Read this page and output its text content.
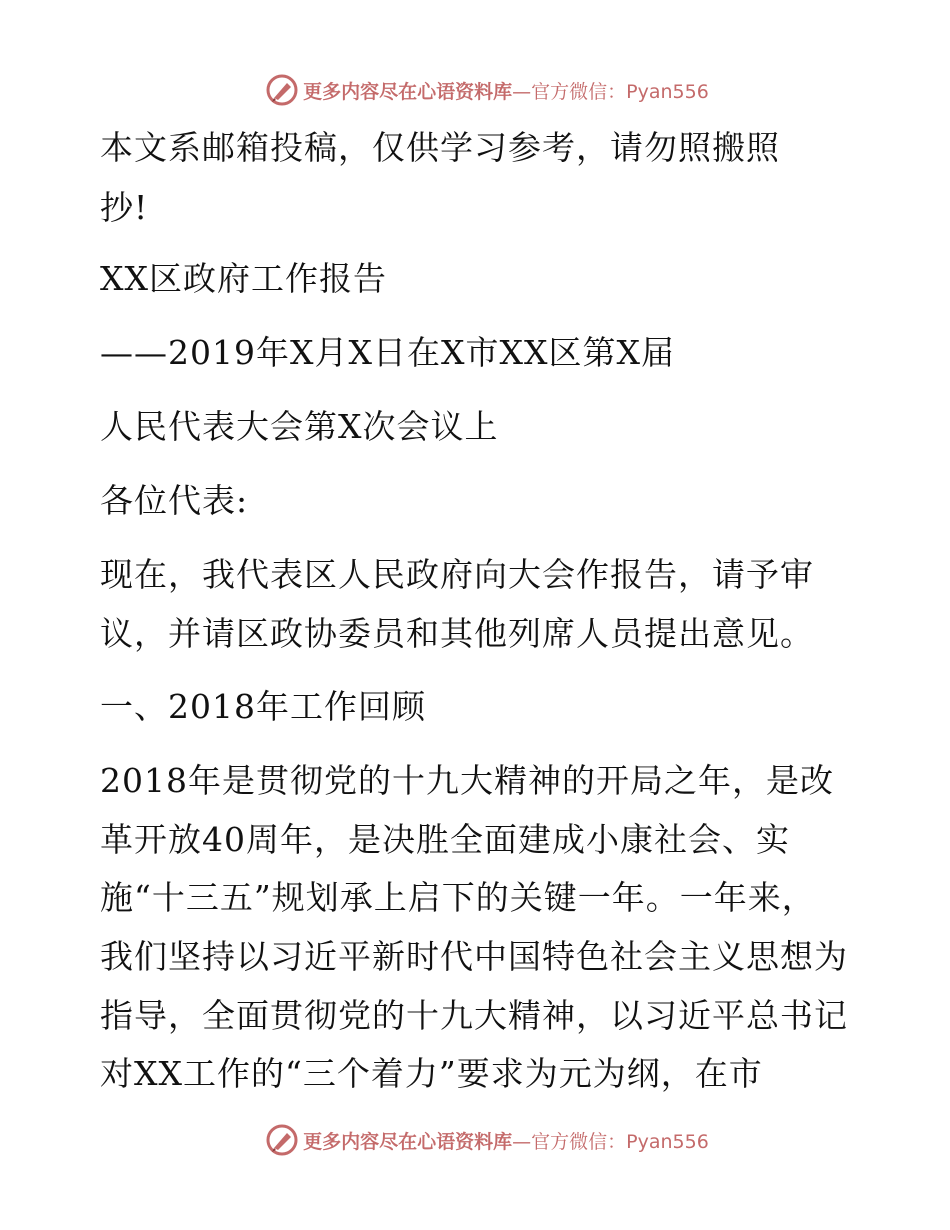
更多内容尽在心语资料库 —官方微信：Pyan556
本文系邮箱投稿，仅供学习参考，请勿照搬照
抄!
XX区政府工作报告
——2019年X月X日在X市XX区第X届
人民代表大会第X次会议上
各位代表:
现在，我代表区人民政府向大会作报告，请予审
议，并请区政协委员和其他列席人员提出意见。
一、2018年工作回顾
2018年是贯彻党的十九大精神的开局之年，是改
革开放40周年，是决胜全面建成小康社会、实
施“十三五”规划承上启下的关键一年。一年来，
我们坚持以习近平新时代中国特色社会主义思想为
指导，全面贯彻党的十九大精神，以习近平总书记
对XX工作的“三个着力”要求为元为纲，在市
更多内容尽在心语资料库 —官方微信：Pyan556
